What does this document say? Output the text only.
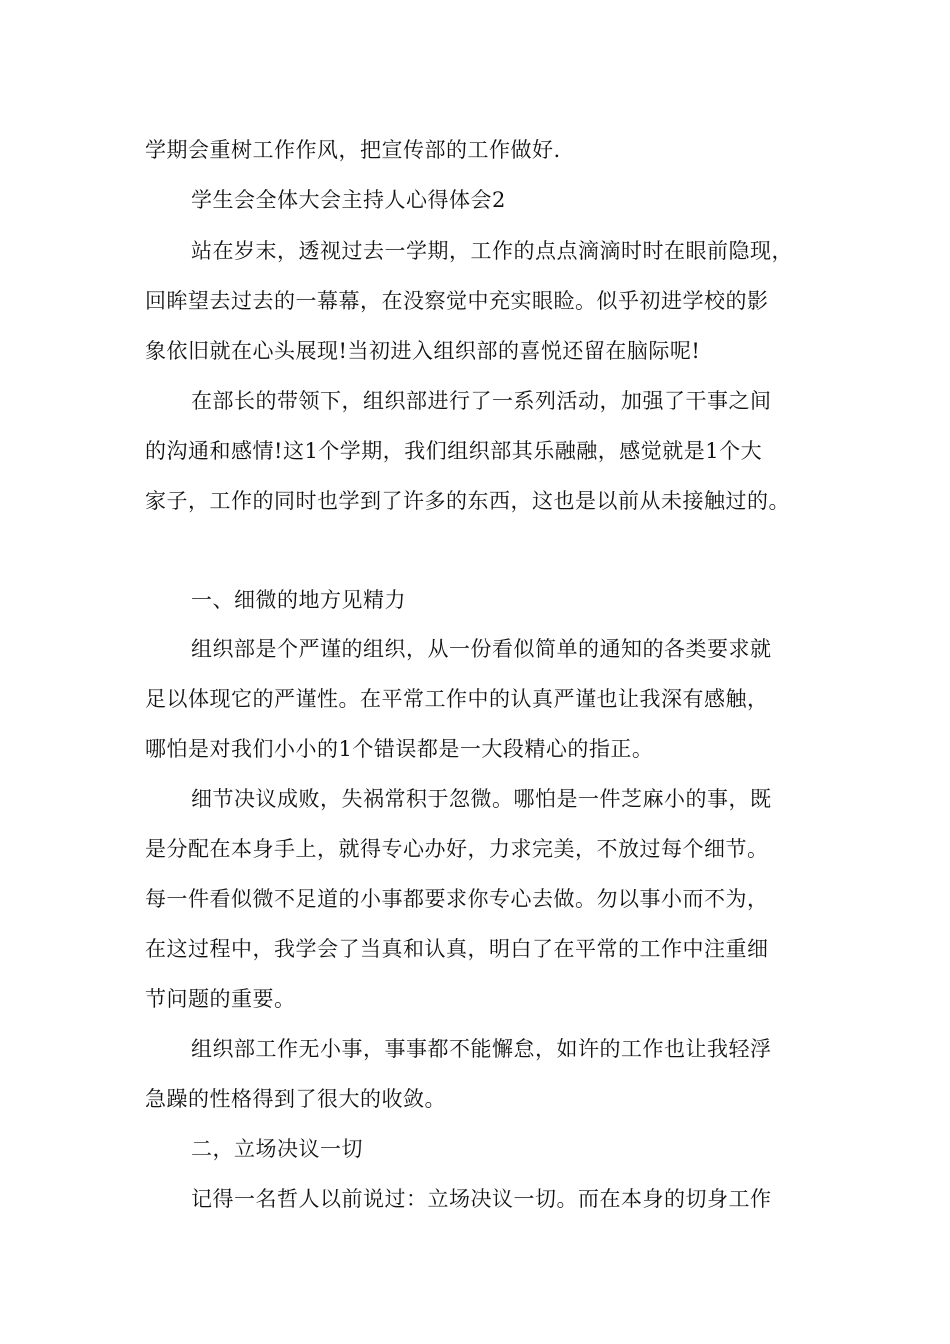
学期会重树工作作风，把宣传部的工作做好.
学生会全体大会主持人心得体会2
站在岁末，透视过去一学期，工作的点点滴滴时时在眼前隐现，
回眸望去过去的一幕幕，在没察觉中充实眼睑。似乎初进学校的影
象依旧就在心头展现!当初进入组织部的喜悦还留在脑际呢!
在部长的带领下，组织部进行了一系列活动，加强了干事之间
的沟通和感情!这1个学期，我们组织部其乐融融，感觉就是1个大
家子，工作的同时也学到了许多的东西，这也是以前从未接触过的。
一、细微的地方见精力
组织部是个严谨的组织，从一份看似简单的通知的各类要求就
足以体现它的严谨性。在平常工作中的认真严谨也让我深有感触，
哪怕是对我们小小的1个错误都是一大段精心的指正。
细节决议成败，失祸常积于忽微。哪怕是一件芝麻小的事，既
是分配在本身手上，就得专心办好，力求完美，不放过每个细节。
每一件看似微不足道的小事都要求你专心去做。勿以事小而不为，
在这过程中，我学会了当真和认真，明白了在平常的工作中注重细
节问题的重要。
组织部工作无小事，事事都不能懈怠，如许的工作也让我轻浮
急躁的性格得到了很大的收敛。
二，立场决议一切
记得一名哲人以前说过：立场决议一切。而在本身的切身工作
